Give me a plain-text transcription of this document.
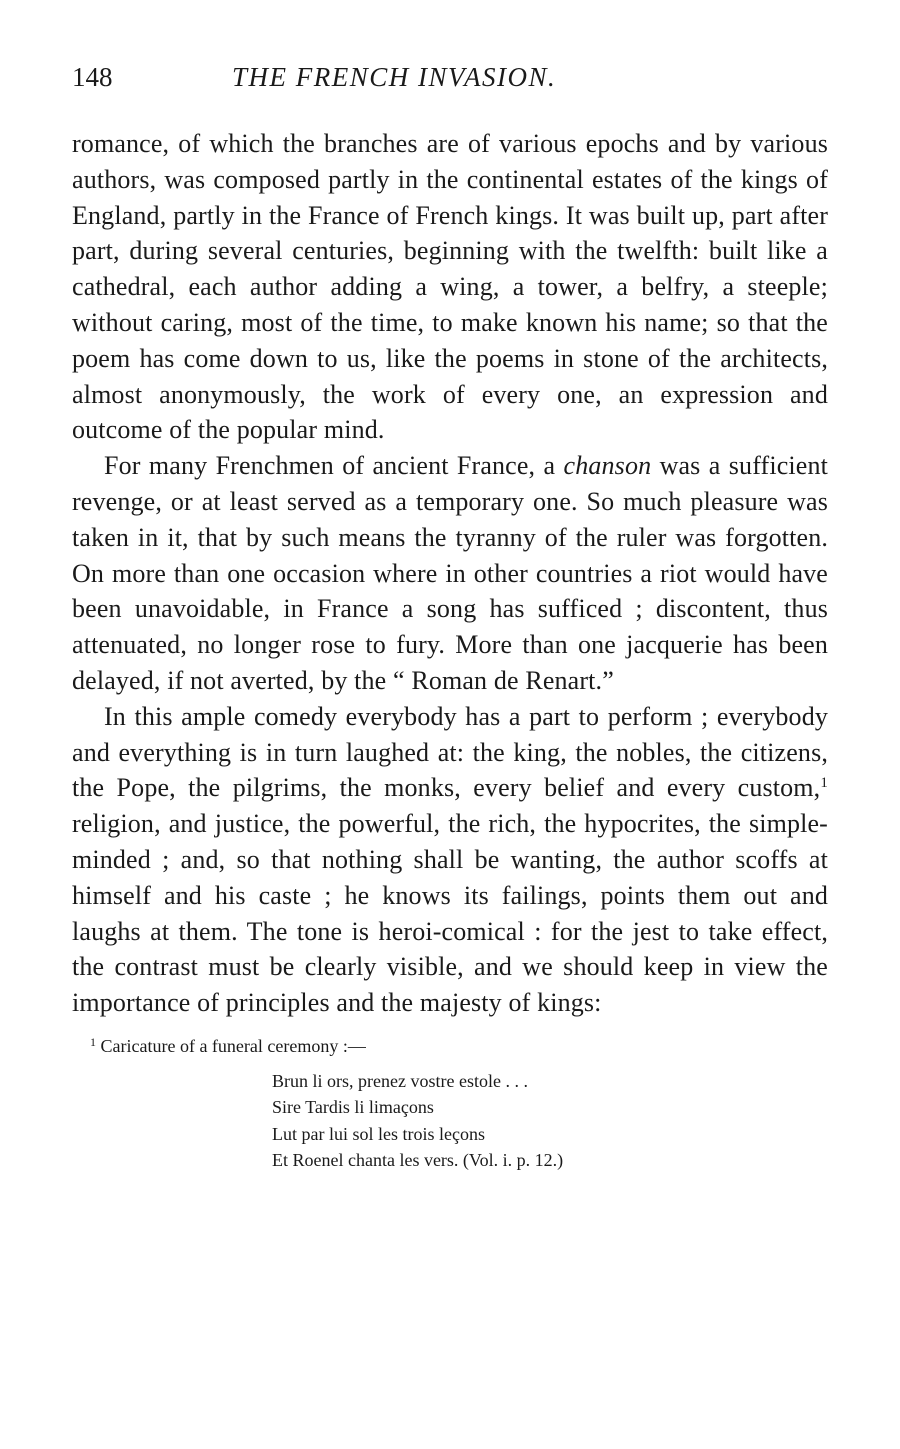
148	THE FRENCH INVASION.

romance, of which the branches are of various epochs and by various authors, was composed partly in the continental estates of the kings of England, partly in the France of French kings. It was built up, part after part, during several centuries, beginning with the twelfth: built like a cathedral, each author adding a wing, a tower, a belfry, a steeple; without caring, most of the time, to make known his name; so that the poem has come down to us, like the poems in stone of the architects, almost anonymously, the work of every one, an expression and outcome of the popular mind.

For many Frenchmen of ancient France, a chanson was a sufficient revenge, or at least served as a temporary one. So much pleasure was taken in it, that by such means the tyranny of the ruler was forgotten. On more than one occasion where in other countries a riot would have been unavoidable, in France a song has sufficed ; discontent, thus attenuated, no longer rose to fury. More than one jacquerie has been delayed, if not averted, by the “ Roman de Renart.”

In this ample comedy everybody has a part to perform ; everybody and everything is in turn laughed at: the king, the nobles, the citizens, the Pope, the pilgrims, the monks, every belief and every custom,$^1$ religion, and justice, the powerful, the rich, the hypocrites, the simple-minded ; and, so that nothing shall be wanting, the author scoffs at himself and his caste ; he knows its failings, points them out and laughs at them. The tone is heroi-comical : for the jest to take effect, the contrast must be clearly visible, and we should keep in view the importance of principles and the majesty of kings:

$^1$ Caricature of a funeral ceremony :—
Brun li ors, prenez vostre estole . . .
Sire Tardis li limaçons
Lut par lui sol les trois leçons
Et Roenel chanta les vers. (Vol. i. p. 12.)
